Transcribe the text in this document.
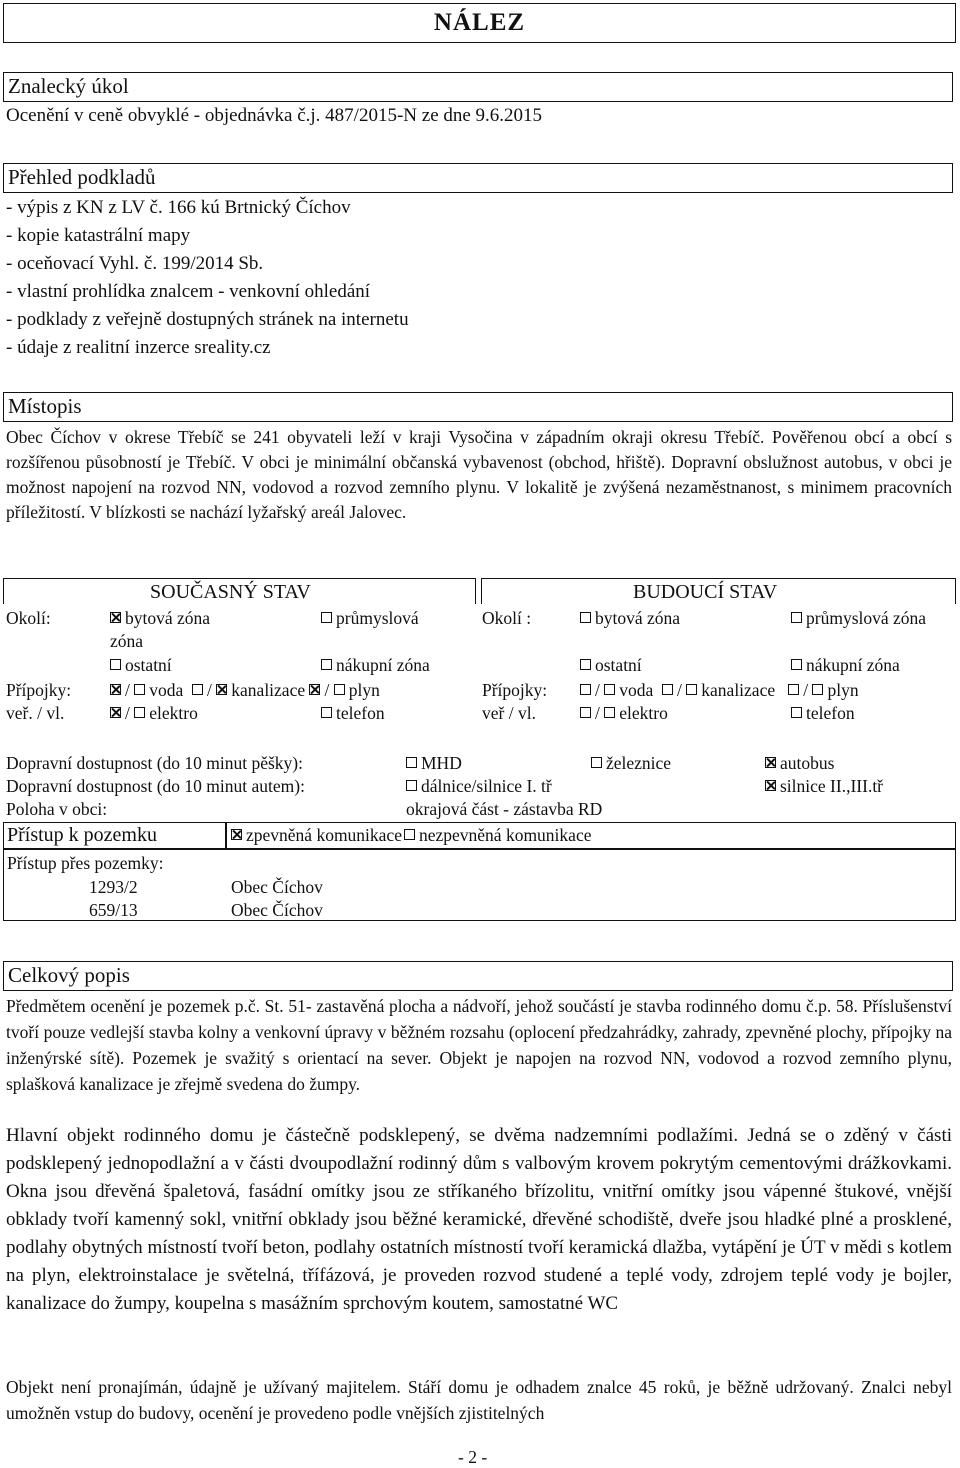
NÁLEZ
Znalecký úkol
Ocenění v ceně obvyklé - objednávka č.j. 487/2015-N ze dne 9.6.2015
Přehled podkladů
- výpis z KN z LV č. 166 kú Brtnický Číchov
- kopie katastrální mapy
- oceňovací Vyhl. č. 199/2014 Sb.
- vlastní prohlídka znalcem - venkovní ohledání
- podklady z veřejně dostupných stránek na internetu
- údaje z realitní inzerce sreality.cz
Místopis
Obec Číchov v okrese Třebíč se 241 obyvateli leží v kraji Vysočina v západním okraji okresu Třebíč. Pověřenou obcí a obcí s rozšířenou působností je Třebíč. V obci je minimální občanská vybavenost (obchod, hřiště). Dopravní obslužnost autobus, v obci je možnost napojení na rozvod NN, vodovod a rozvod zemního plynu. V lokalitě je zvýšená nezaměstnanost, s minimem pracovních příležitostí. V blízkosti se nachází lyžařský areál Jalovec.
SOUČASNÝ STAV	BUDOUCÍ STAV
Okolí:	bytová zóna	průmyslová
zóna
ostatní	nákupní zóna
Přípojky:	/ voda / kanalizace / plyn
veř. / vl.	/ elektro	telefon
Okolí :	bytová zóna	průmyslová zóna
ostatní	nákupní zóna
Přípojky:	/ voda / kanalizace / plyn
veř / vl.	/ elektro	telefon
Dopravní dostupnost (do 10 minut pěšky):	MHD	železnice	autobus
Dopravní dostupnost (do 10 minut autem):	dálnice/silnice I. tř	silnice II.,III.tř
Poloha v obci:	okrajová část - zástavba RD
Přístup k pozemku	zpevněná komunikace nezpevněná komunikace
Přístup přes pozemky:
1293/2	Obec Číchov
659/13	Obec Číchov
Celkový popis
Předmětem ocenění je pozemek p.č. St. 51- zastavěná plocha a nádvoří, jehož součástí je stavba rodinného domu č.p. 58. Příslušenství tvoří pouze vedlejší stavba kolny a venkovní úpravy v běžném rozsahu (oplocení předzahrádky, zahrady, zpevněné plochy, přípojky na inženýrské sítě). Pozemek je svažitý s orientací na sever. Objekt je napojen na rozvod NN, vodovod a rozvod zemního plynu, splašková kanalizace je zřejmě svedena do žumpy.
Hlavní objekt rodinného domu je částečně podsklepený, se dvěma nadzemními podlažími. Jedná se o zděný v části podsklepený jednopodlažní a v části dvoupodlažní rodinný dům s valbovým krovem pokrytým cementovými drážkovkami. Okna jsou dřevěná špaletová, fasádní omítky jsou ze stříkaného břízolitu, vnitřní omítky jsou vápenné štukové, vnější obklady tvoří kamenný sokl, vnitřní obklady jsou běžné keramické, dřevěné schodiště, dveře jsou hladké plné a prosklené, podlahy obytných místností tvoří beton, podlahy ostatních místností tvoří keramická dlažba, vytápění je ÚT v mědi s kotlem na plyn, elektroinstalace je světelná, třífázová, je proveden rozvod studené a teplé vody, zdrojem teplé vody je bojler, kanalizace do žumpy, koupelna s masážním sprchovým koutem, samostatné WC
Objekt není pronajímán, údajně je užívaný majitelem. Stáří domu je odhadem znalce 45 roků, je běžně udržovaný. Znalci nebyl umožněn vstup do budovy, ocenění je provedeno podle vnějších zjistitelných
- 2 -
